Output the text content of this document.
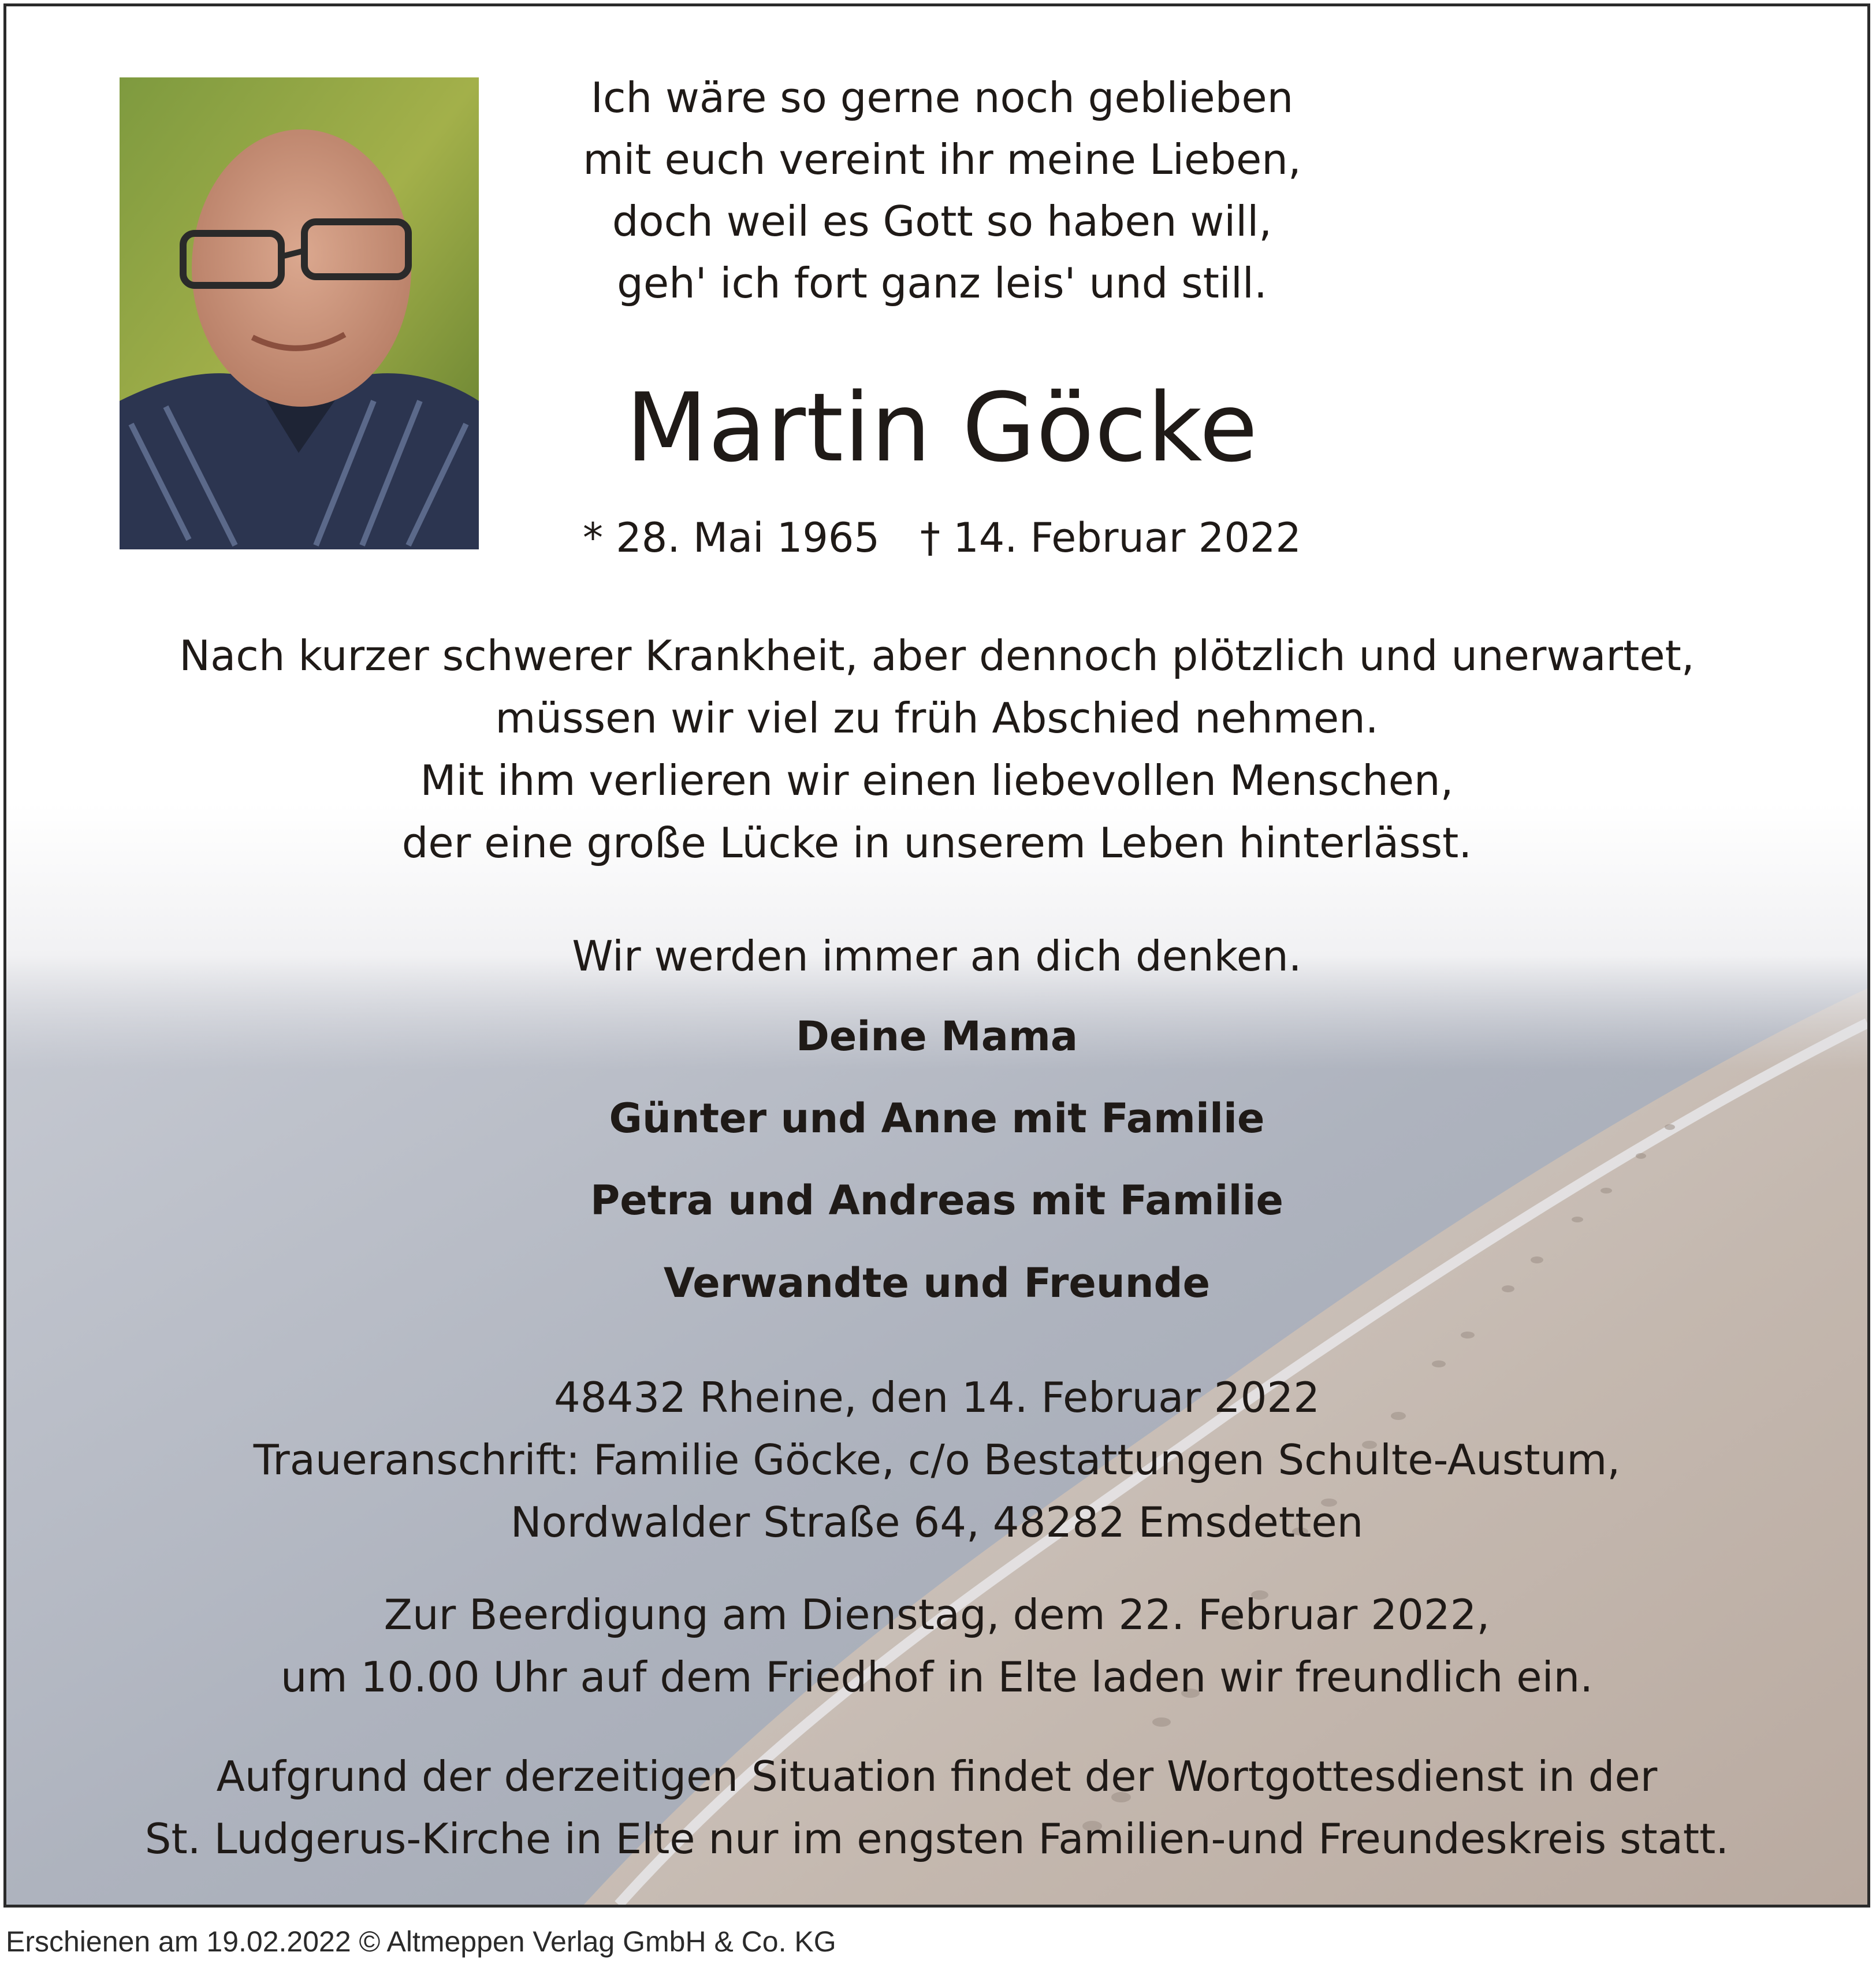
Ich wäre so gerne noch geblieben
mit euch vereint ihr meine Lieben,
doch weil es Gott so haben will,
geh' ich fort ganz leis' und still.
Martin Göcke
* 28. Mai 1965 † 14. Februar 2022
Nach kurzer schwerer Krankheit, aber dennoch plötzlich und unerwartet,
müssen wir viel zu früh Abschied nehmen.
Mit ihm verlieren wir einen liebevollen Menschen,
der eine große Lücke in unserem Leben hinterlässt.
Wir werden immer an dich denken.
Deine Mama
Günter und Anne mit Familie
Petra und Andreas mit Familie
Verwandte und Freunde
48432 Rheine, den 14. Februar 2022
Traueranschrift: Familie Göcke, c/o Bestattungen Schulte-Austum,
Nordwalder Straße 64, 48282 Emsdetten
Zur Beerdigung am Dienstag, dem 22. Februar 2022,
um 10.00 Uhr auf dem Friedhof in Elte laden wir freundlich ein.
Aufgrund der derzeitigen Situation findet der Wortgottesdienst in der
St. Ludgerus-Kirche in Elte nur im engsten Familien-und Freundeskreis statt.
Erschienen am 19.02.2022 © Altmeppen Verlag GmbH & Co. KG
